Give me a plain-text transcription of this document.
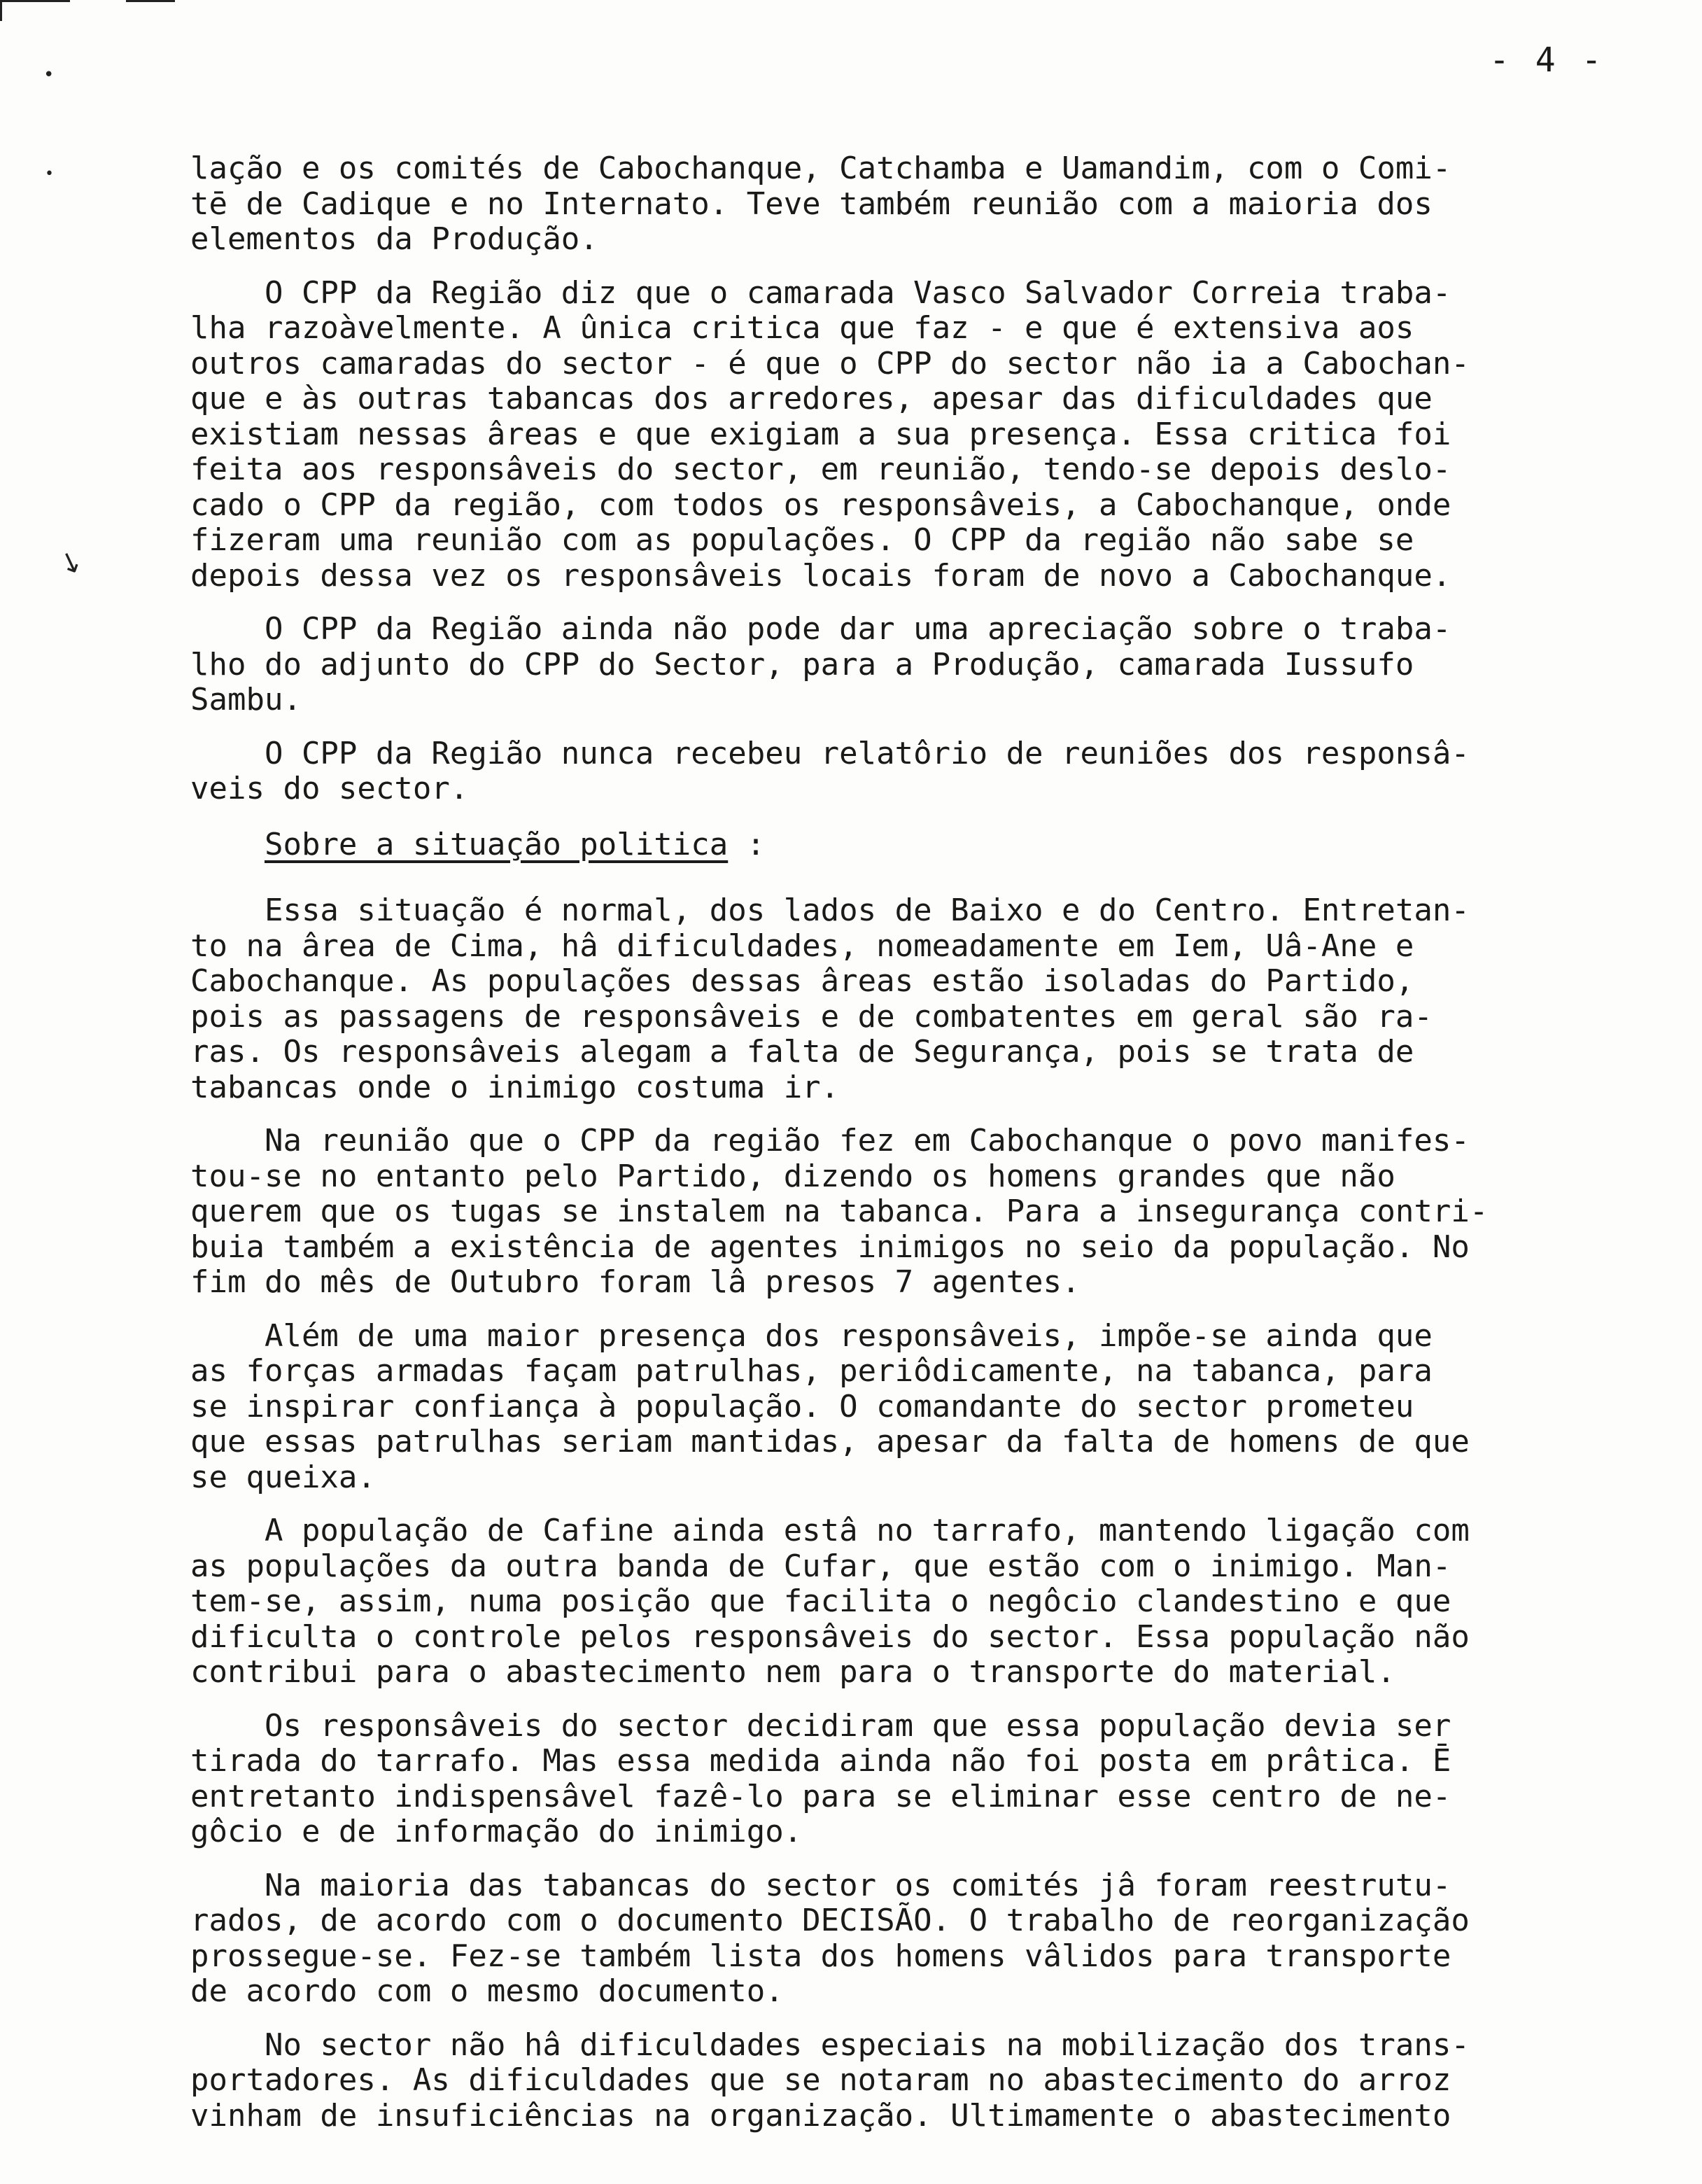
•
•
↘
- 4 -

lação e os comités de Cabochanque, Catchamba e Uamandim, com o Comi-
tē de Cadique e no Internato. Teve também reunião com a maioria dos
elementos da Produção.

O CPP da Região diz que o camarada Vasco Salvador Correia traba-
lha razoàvelmente. A ûnica critica que faz - e que é extensiva aos
outros camaradas do sector - é que o CPP do sector não ia a Cabochan-
que e às outras tabancas dos arredores, apesar das dificuldades que
existiam nessas âreas e que exigiam a sua presença. Essa critica foi
feita aos responsâveis do sector, em reunião, tendo-se depois deslo-
cado o CPP da região, com todos os responsâveis, a Cabochanque, onde
fizeram uma reunião com as populações. O CPP da região não sabe se
depois dessa vez os responsâveis locais foram de novo a Cabochanque.

O CPP da Região ainda não pode dar uma apreciação sobre o traba-
lho do adjunto do CPP do Sector, para a Produção, camarada Iussufo
Sambu.

O CPP da Região nunca recebeu relatôrio de reuniões dos responsâ-
veis do sector.

Sobre a situação politica :

Essa situação é normal, dos lados de Baixo e do Centro. Entretan-
to na ârea de Cima, hâ dificuldades, nomeadamente em Iem, Uâ-Ane e
Cabochanque. As populações dessas âreas estão isoladas do Partido,
pois as passagens de responsâveis e de combatentes em geral são ra-
ras. Os responsâveis alegam a falta de Segurança, pois se trata de
tabancas onde o inimigo costuma ir.

Na reunião que o CPP da região fez em Cabochanque o povo manifes-
tou-se no entanto pelo Partido, dizendo os homens grandes que não
querem que os tugas se instalem na tabanca. Para a insegurança contri-
buia também a existência de agentes inimigos no seio da população. No
fim do mês de Outubro foram lâ presos 7 agentes.

Além de uma maior presença dos responsâveis, impõe-se ainda que
as forças armadas façam patrulhas, periôdicamente, na tabanca, para
se inspirar confiança à população. O comandante do sector prometeu
que essas patrulhas seriam mantidas, apesar da falta de homens de que
se queixa.

A população de Cafine ainda estâ no tarrafo, mantendo ligação com
as populações da outra banda de Cufar, que estão com o inimigo. Man-
tem-se, assim, numa posição que facilita o negôcio clandestino e que
dificulta o controle pelos responsâveis do sector. Essa população não
contribui para o abastecimento nem para o transporte do material.

Os responsâveis do sector decidiram que essa população devia ser
tirada do tarrafo. Mas essa medida ainda não foi posta em prâtica. Ē
entretanto indispensâvel fazê-lo para se eliminar esse centro de ne-
gôcio e de informação do inimigo.

Na maioria das tabancas do sector os comités jâ foram reestrutu-
rados, de acordo com o documento DECISÃO. O trabalho de reorganização
prossegue-se. Fez-se também lista dos homens vâlidos para transporte
de acordo com o mesmo documento.

No sector não hâ dificuldades especiais na mobilização dos trans-
portadores. As dificuldades que se notaram no abastecimento do arroz
vinham de insuficiências na organização. Ultimamente o abastecimento
